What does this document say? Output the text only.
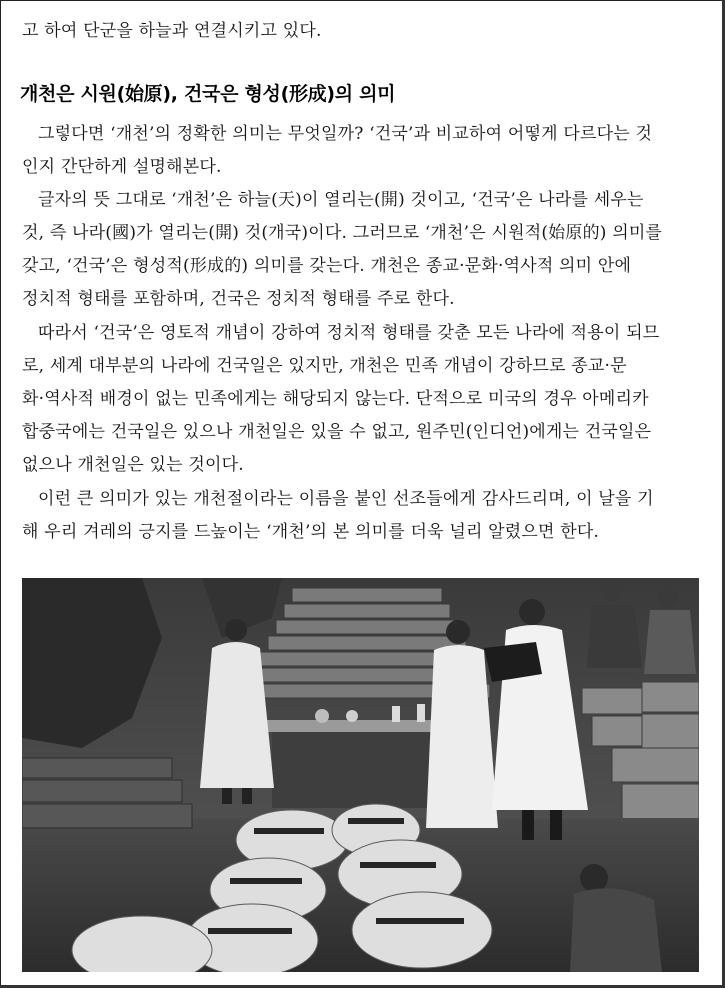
고 하여 단군을 하늘과 연결시키고 있다.
개천은 시원(始原), 건국은 형성(形成)의 의미
그렇다면 ‘개천’의 정확한 의미는 무엇일까? ‘건국’과 비교하여 어떻게 다르다는 것
인지 간단하게 설명해본다.
글자의 뜻 그대로 ‘개천’은 하늘(天)이 열리는(開) 것이고, ‘건국’은 나라를 세우는
것, 즉 나라(國)가 열리는(開) 것(개국)이다. 그러므로 ‘개천’은 시원적(始原的) 의미를
갖고, ‘건국’은 형성적(形成的) 의미를 갖는다. 개천은 종교·문화·역사적 의미 안에
정치적 형태를 포함하며, 건국은 정치적 형태를 주로 한다.
따라서 ‘건국’은 영토적 개념이 강하여 정치적 형태를 갖춘 모든 나라에 적용이 되므
로, 세계 대부분의 나라에 건국일은 있지만, 개천은 민족 개념이 강하므로 종교·문
화·역사적 배경이 없는 민족에게는 해당되지 않는다. 단적으로 미국의 경우 아메리카
합중국에는 건국일은 있으나 개천일은 있을 수 없고, 원주민(인디언)에게는 건국일은
없으나 개천일은 있는 것이다.
이런 큰 의미가 있는 개천절이라는 이름을 붙인 선조들에게 감사드리며, 이 날을 기
해 우리 겨레의 긍지를 드높이는 ‘개천’의 본 의미를 더욱 널리 알렸으면 한다.
